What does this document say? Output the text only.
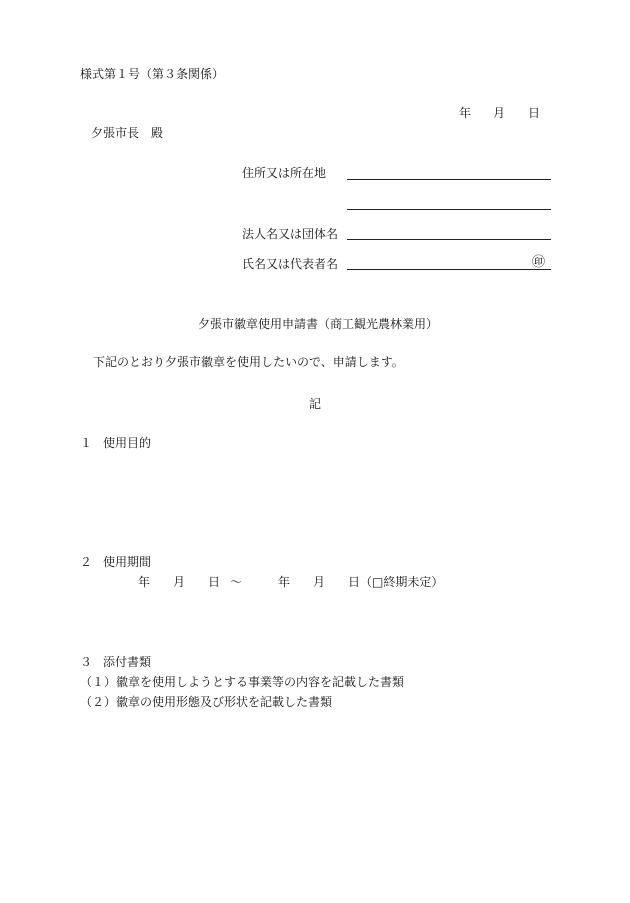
様式第１号（第３条関係）
年 月 日
夕張市長　殿
住所又は所在地
法人名又は団体名
氏名又は代表者名	㊞
夕張市徽章使用申請書（商工観光農林業用）
下記のとおり夕張市徽章を使用したいので、申請します。
記
１ 使用目的
２ 使用期間
年 月 日 ～	年 月 日 （□終期未定）
３ 添付書類
（１）徽章を使用しようとする事業等の内容を記載した書類
（２）徽章の使用形態及び形状を記載した書類
